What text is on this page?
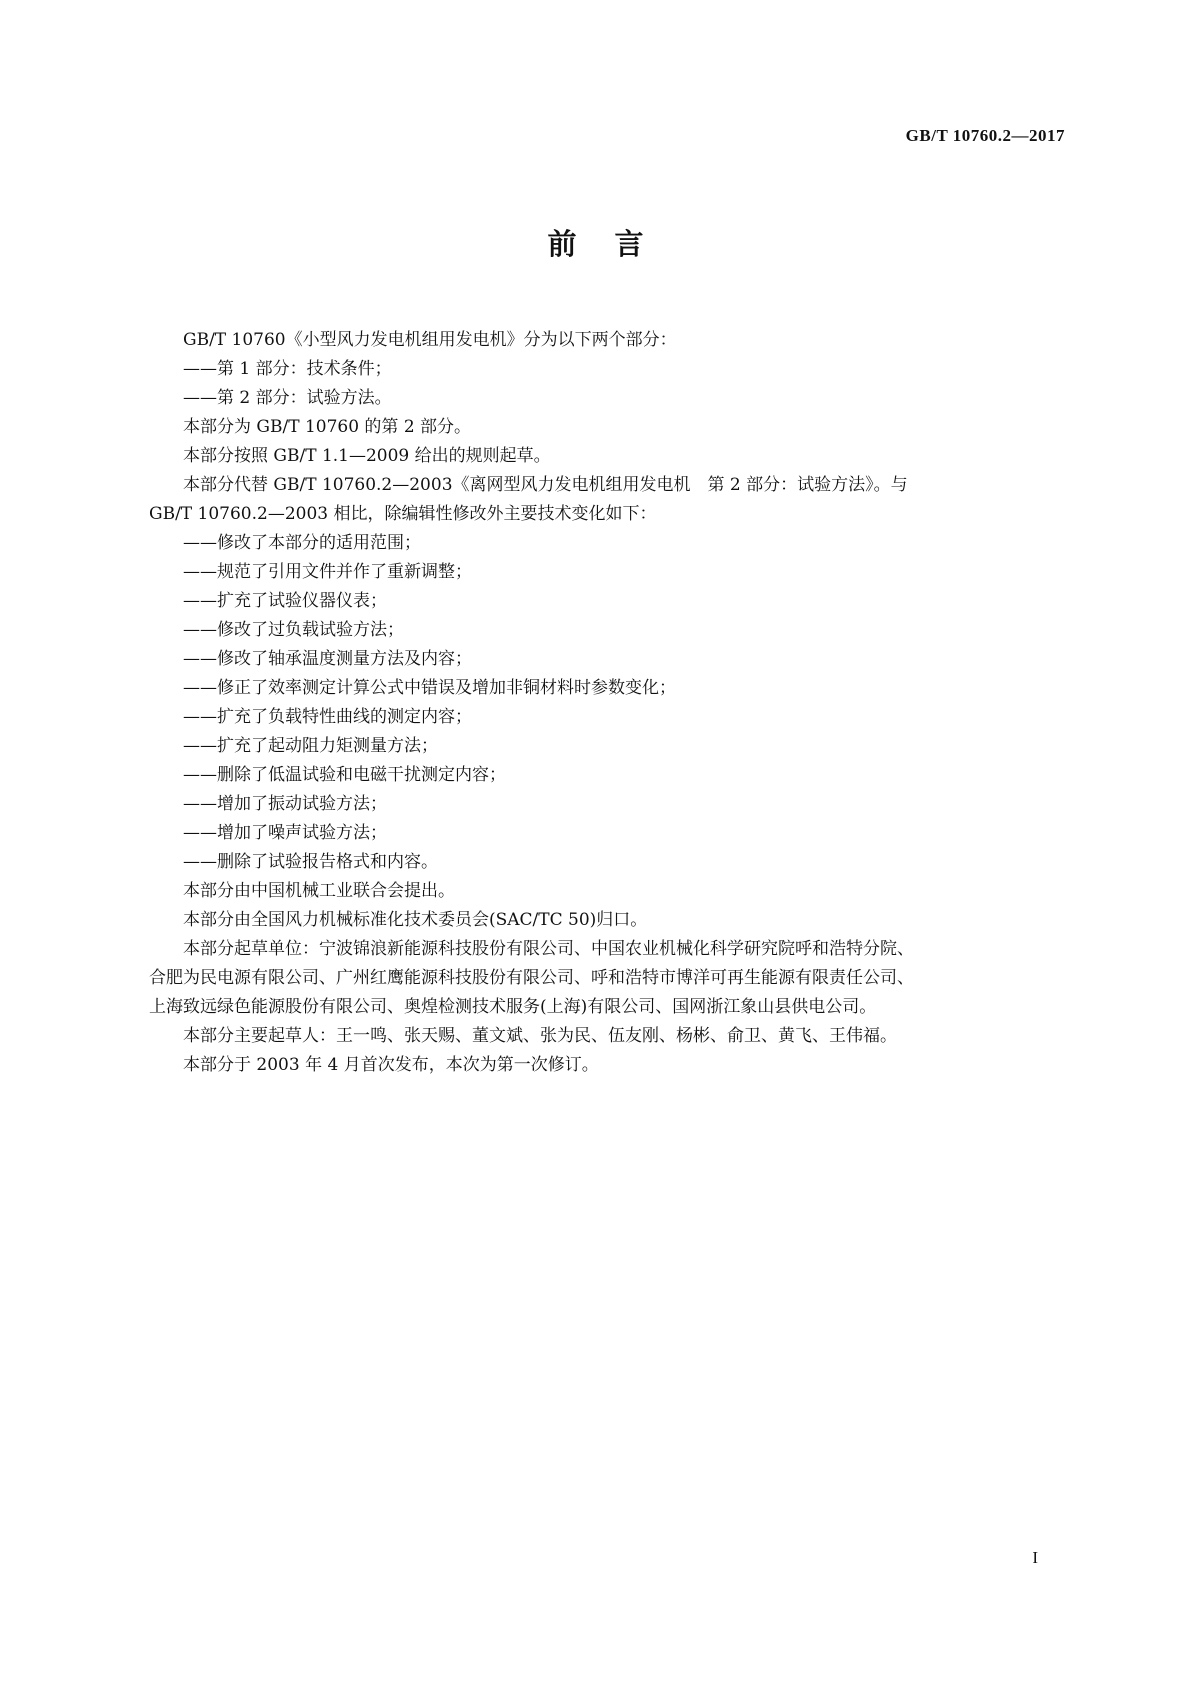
GB/T 10760.2—2017
前言

GB/T 10760《小型风力发电机组用发电机》分为以下两个部分：

——第 1 部分：技术条件；

——第 2 部分：试验方法。

本部分为 GB/T 10760 的第 2 部分。

本部分按照 GB/T 1.1—2009 给出的规则起草。

本部分代替 GB/T 10760.2—2003《离网型风力发电机组用发电机　第 2 部分：试验方法》。与

GB/T 10760.2—2003 相比，除编辑性修改外主要技术变化如下：

——修改了本部分的适用范围；

——规范了引用文件并作了重新调整；

——扩充了试验仪器仪表；

——修改了过负载试验方法；

——修改了轴承温度测量方法及内容；

——修正了效率测定计算公式中错误及增加非铜材料时参数变化；

——扩充了负载特性曲线的测定内容；

——扩充了起动阻力矩测量方法；

——删除了低温试验和电磁干扰测定内容；

——增加了振动试验方法；

——增加了噪声试验方法；

——删除了试验报告格式和内容。

本部分由中国机械工业联合会提出。

本部分由全国风力机械标准化技术委员会(SAC/TC 50)归口。

本部分起草单位：宁波锦浪新能源科技股份有限公司、中国农业机械化科学研究院呼和浩特分院、

合肥为民电源有限公司、广州红鹰能源科技股份有限公司、呼和浩特市博洋可再生能源有限责任公司、

上海致远绿色能源股份有限公司、奥煌检测技术服务(上海)有限公司、国网浙江象山县供电公司。

本部分主要起草人：王一鸣、张天赐、董文斌、张为民、伍友刚、杨彬、俞卫、黄飞、王伟福。

本部分于 2003 年 4 月首次发布，本次为第一次修订。

I
